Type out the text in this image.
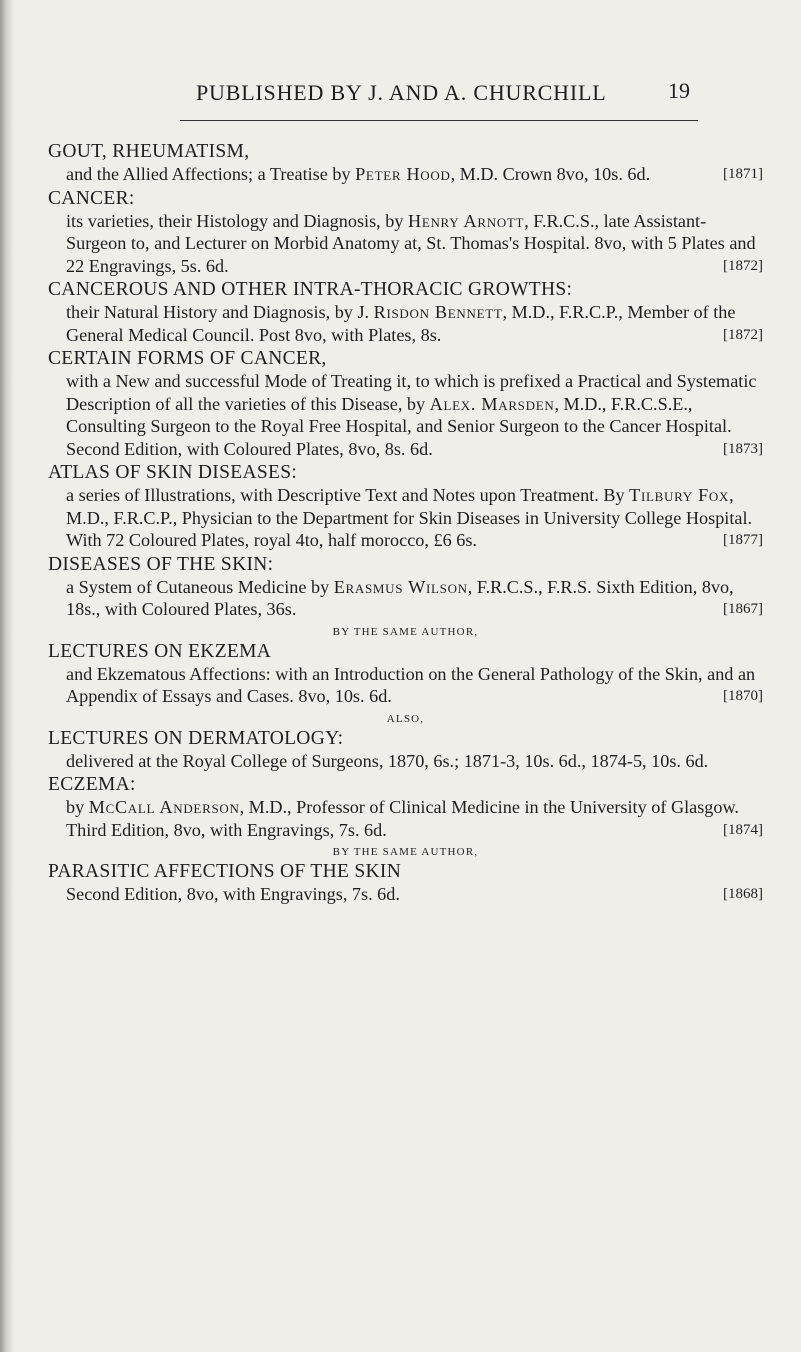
PUBLISHED BY J. AND A. CHURCHILL	19
GOUT, RHEUMATISM,
and the Allied Affections; a Treatise by Peter Hood, M.D. Crown 8vo, 10s. 6d.	[1871]
CANCER:
its varieties, their Histology and Diagnosis, by Henry Arnott, F.R.C.S., late Assistant-Surgeon to, and Lecturer on Morbid Anatomy at, St. Thomas's Hospital. 8vo, with 5 Plates and 22 Engravings, 5s. 6d.	[1872]
CANCEROUS AND OTHER INTRA-THORACIC GROWTHS:
their Natural History and Diagnosis, by J. Risdon Bennett, M.D., F.R.C.P., Member of the General Medical Council. Post 8vo, with Plates, 8s.	[1872]
CERTAIN FORMS OF CANCER,
with a New and successful Mode of Treating it, to which is prefixed a Practical and Systematic Description of all the varieties of this Disease, by Alex. Marsden, M.D., F.R.C.S.E., Consulting Surgeon to the Royal Free Hospital, and Senior Surgeon to the Cancer Hospital. Second Edition, with Coloured Plates, 8vo, 8s. 6d.	[1873]
ATLAS OF SKIN DISEASES:
a series of Illustrations, with Descriptive Text and Notes upon Treatment. By Tilbury Fox, M.D., F.R.C.P., Physician to the Department for Skin Diseases in University College Hospital. With 72 Coloured Plates, royal 4to, half morocco, £6 6s.	[1877]
DISEASES OF THE SKIN:
a System of Cutaneous Medicine by Erasmus Wilson, F.R.C.S., F.R.S. Sixth Edition, 8vo, 18s., with Coloured Plates, 36s.	[1867]
BY THE SAME AUTHOR,
LECTURES ON EKZEMA
and Ekzematous Affections: with an Introduction on the General Pathology of the Skin, and an Appendix of Essays and Cases. 8vo, 10s. 6d.	[1870]
ALSO,
LECTURES ON DERMATOLOGY:
delivered at the Royal College of Surgeons, 1870, 6s.; 1871-3, 10s. 6d., 1874-5, 10s. 6d.
ECZEMA:
by McCall Anderson, M.D., Professor of Clinical Medicine in the University of Glasgow. Third Edition, 8vo, with Engravings, 7s. 6d.	[1874]
BY THE SAME AUTHOR,
PARASITIC AFFECTIONS OF THE SKIN
Second Edition, 8vo, with Engravings, 7s. 6d.	[1868]
